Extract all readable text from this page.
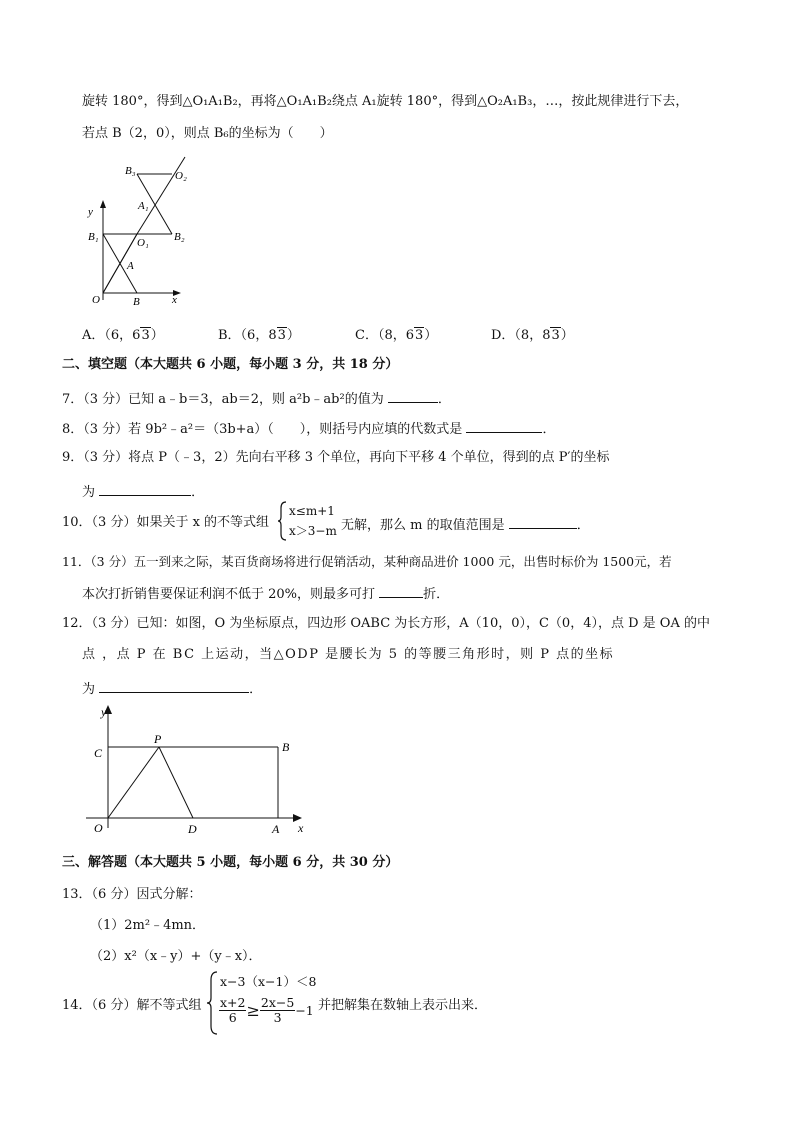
旋转 180°，得到△O₁A₁B₂，再将△O₁A₁B₂绕点 A₁旋转 180°，得到△O₂A₁B₃，…，按此规律进行下去，
若点 B（2，0），则点 B₆的坐标为（　　）
B₃	O₂
A₁
y
B₁	O₁ B₂
A
O	B	x
A．（6，63）	B．（6，83）	C．（8，63）	D．（8，83）
二、填空题（本大题共 6 小题，每小题 3 分，共 18 分）
7．（3 分）已知 a﹣b＝3，ab＝2，则 a²b﹣ab²的值为	．
8．（3 分）若 9b²﹣a²＝（3b+a）（　　），则括号内应填的代数式是	．
9．（3 分）将点 P（﹣3，2）先向右平移 3 个单位，再向下平移 4 个单位，得到的点 P′的坐标
为	．
10．（3 分）如果关于 x 的不等式组
x≤m+1
x＞3−m 无解，那么 m 的取值范围是	．
11．（3 分）五一到来之际，某百货商场将进行促销活动，某种商品进价 1000 元，出售时标价为 1500元，若
本次打折销售要保证利润不低于 20%，则最多可打	折．
12．（3 分）已知：如图，O 为坐标原点，四边形 OABC 为长方形，A（10，0），C（0，4），点 D 是 OA 的中
点 ，点 P 在 BC 上运动，当△ODP 是腰长为 5 的等腰三角形时，则 P 点的坐标
为	．
y
C
P
B
O	D	A x
三、解答题（本大题共 5 小题，每小题 6 分，共 30 分）
13．（6 分）因式分解：
（1）2m²﹣4mn．
（2）x²（x﹣y）+（y﹣x）．
14．（6 分）解不等式组
x−3（x−1）＜8
$\frac{x+2}{6} \ge \frac{2x-5}{3} -1$ 并把解集在数轴上表示出来．
